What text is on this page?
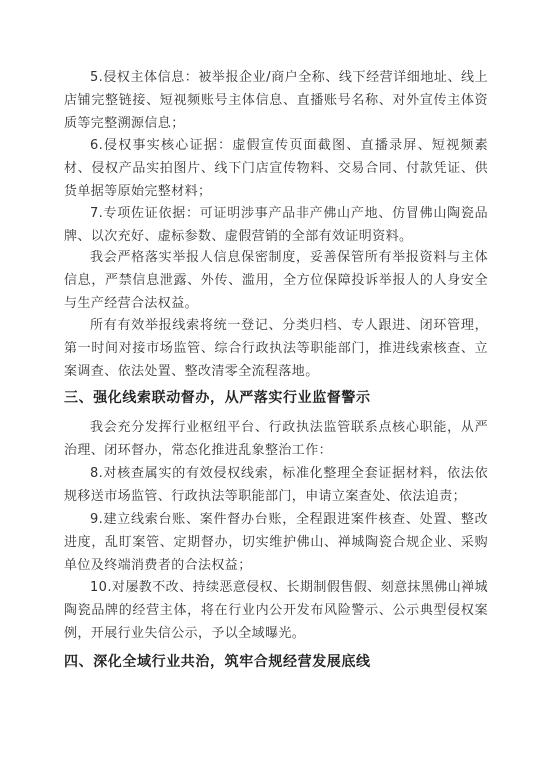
5.侵权主体信息：被举报企业/商户全称、线下经营详细地址、线上店铺完整链接、短视频账号主体信息、直播账号名称、对外宣传主体资质等完整溯源信息；

6.侵权事实核心证据：虚假宣传页面截图、直播录屏、短视频素材、侵权产品实拍图片、线下门店宣传物料、交易合同、付款凭证、供货单据等原始完整材料；

7.专项佐证依据：可证明涉事产品非产佛山产地、仿冒佛山陶瓷品牌、以次充好、虚标参数、虚假营销的全部有效证明资料。

我会严格落实举报人信息保密制度，妥善保管所有举报资料与主体信息，严禁信息泄露、外传、滥用，全方位保障投诉举报人的人身安全与生产经营合法权益。

所有有效举报线索将统一登记、分类归档、专人跟进、闭环管理，第一时间对接市场监管、综合行政执法等职能部门，推进线索核查、立案调查、依法处置、整改清零全流程落地。

三、强化线索联动督办，从严落实行业监督警示

我会充分发挥行业枢纽平台、行政执法监管联系点核心职能，从严治理、闭环督办，常态化推进乱象整治工作：

8.对核查属实的有效侵权线索，标准化整理全套证据材料，依法依规移送市场监管、行政执法等职能部门，申请立案查处、依法追责；

9.建立线索台账、案件督办台账，全程跟进案件核查、处置、整改进度，乱盯案管、定期督办，切实维护佛山、禅城陶瓷合规企业、采购单位及终端消费者的合法权益；

10.对屡教不改、持续恶意侵权、长期制假售假、刻意抹黑佛山禅城陶瓷品牌的经营主体，将在行业内公开发布风险警示、公示典型侵权案例，开展行业失信公示，予以全域曝光。

四、深化全域行业共治，筑牢合规经营发展底线
